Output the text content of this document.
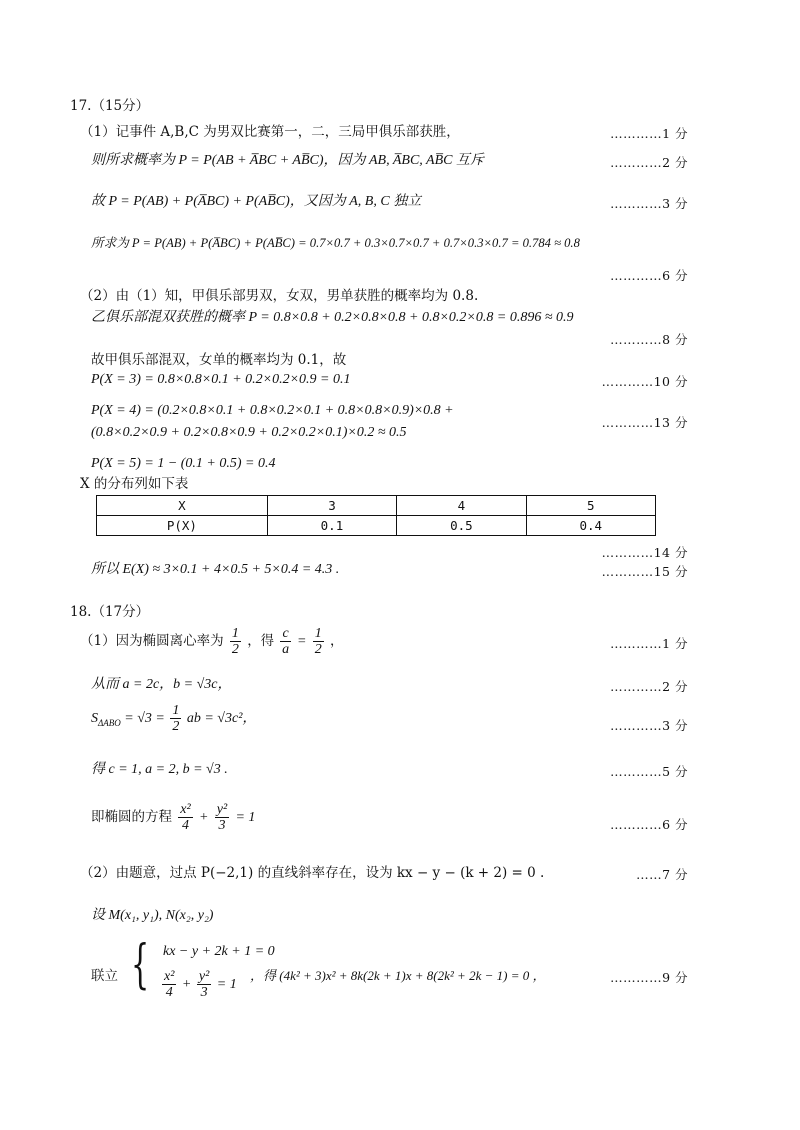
17.（15分）
（1）记事件 A,B,C 为男双比赛第一，二，三局甲俱乐部获胜，	…………1 分
则所求概率为 P = P(AB + A̅BC + AB̅C)，因为 AB, A̅BC, AB̅C 互斥	…………2 分
故 P = P(AB) + P(A̅BC) + P(AB̅C)，又因为 A, B, C 独立	…………3 分
所求为 P = P(AB) + P(A̅BC) + P(AB̅C) = 0.7×0.7 + 0.3×0.7×0.7 + 0.7×0.3×0.7 = 0.784 ≈ 0.8
…………6 分
（2）由（1）知，甲俱乐部男双，女双，男单获胜的概率均为 0.8.
乙俱乐部混双获胜的概率 P = 0.8×0.8 + 0.2×0.8×0.8 + 0.8×0.2×0.8 = 0.896 ≈ 0.9
…………8 分
故甲俱乐部混双，女单的概率均为 0.1，故
P(X = 3) = 0.8×0.8×0.1 + 0.2×0.2×0.9 = 0.1	…………10 分
P(X = 4) = (0.2×0.8×0.1 + 0.8×0.2×0.1 + 0.8×0.8×0.9)×0.8 +
…………13 分
(0.8×0.2×0.9 + 0.2×0.8×0.9 + 0.2×0.2×0.1)×0.2 ≈ 0.5
P(X = 5) = 1 − (0.1 + 0.5) = 0.4
X 的分布列如下表
X	3	4	5
P(X)	0.1	0.5	0.4
…………14 分
所以 E(X) ≈ 3×0.1 + 4×0.5 + 5×0.4 = 4.3 .	…………15 分
18.（17分）
（1）因为椭圆离心率为 $\frac{1}{2}$ ，得 $\frac{c}{a} = \frac{1}{2}$ ，	…………1 分
从而 a = 2c，b = √3c，	…………2 分
$S_{\Delta ABO} = √3 = \frac{1}{2}$ ab = √3c²，	…………3 分
得 c = 1, a = 2, b = √3 .	…………5 分
即椭圆的方程 $\frac{\text{x²}}{4} + \frac{\text{y²}}{3} = 1$	…………6 分
（2）由题意，过点 P(−2,1) 的直线斜率存在，设为 kx − y − (k + 2) = 0 .	……7 分
设 M(x₁, y₁), N(x₂, y₂)
联立 { kx − y + 2k + 1 = 0
$\frac{\text{x²}}{4} + \frac{\text{y²}}{3} = 1$
，得 (4k² + 3)x² + 8k(2k + 1)x + 8(2k² + 2k − 1) = 0 ，	…………9 分
